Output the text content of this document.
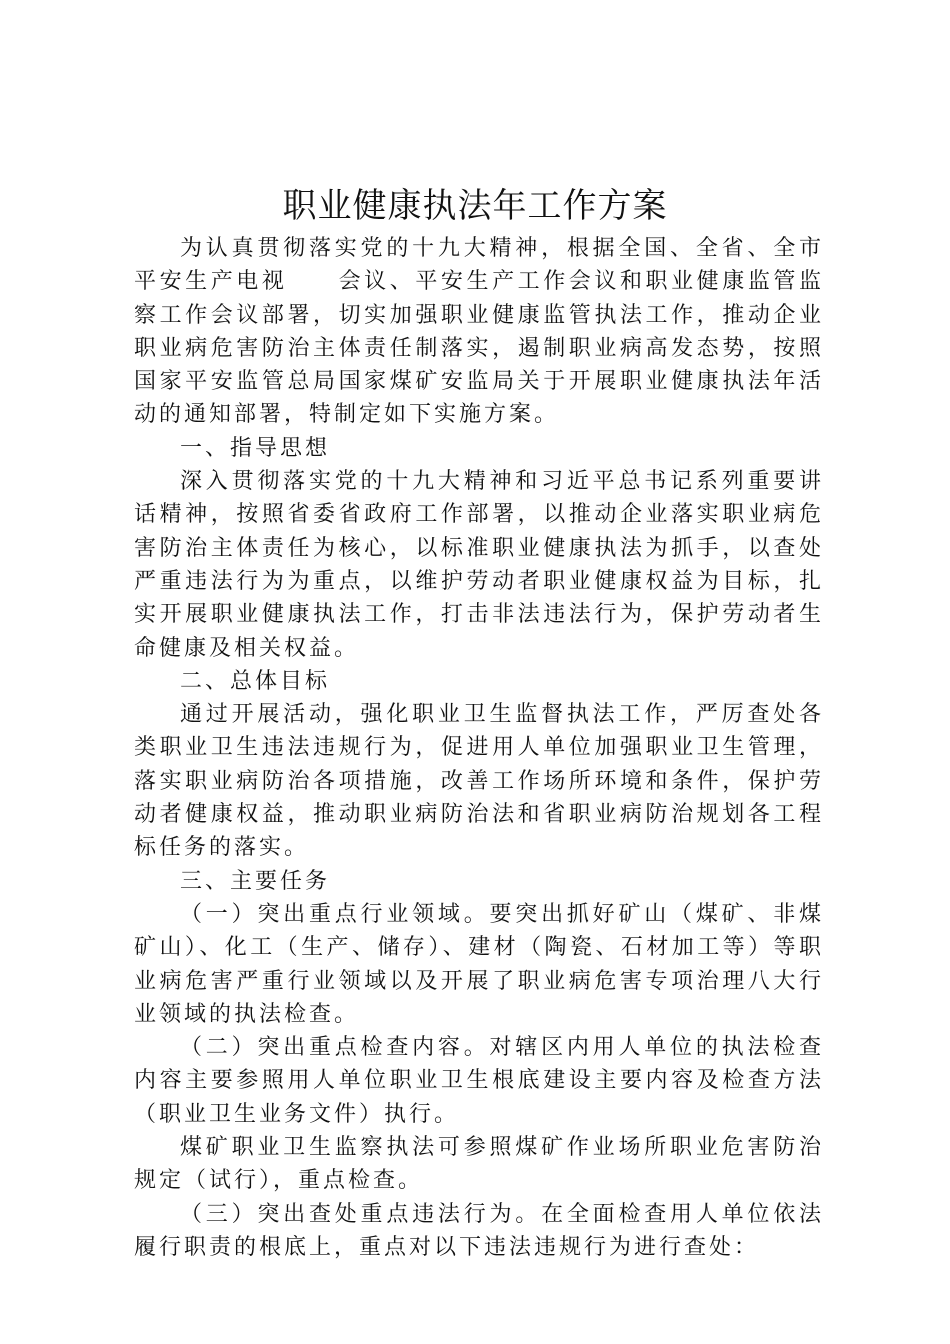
职业健康执法年工作方案

为认真贯彻落实党的十九大精神，根据全国、全省、全市平安生产电视　　会议、平安生产工作会议和职业健康监管监察工作会议部署，切实加强职业健康监管执法工作，推动企业职业病危害防治主体责任制落实，遏制职业病高发态势，按照国家平安监管总局国家煤矿安监局关于开展职业健康执法年活动的通知部署，特制定如下实施方案。

一、指导思想

深入贯彻落实党的十九大精神和习近平总书记系列重要讲话精神，按照省委省政府工作部署，以推动企业落实职业病危害防治主体责任为核心，以标准职业健康执法为抓手，以查处严重违法行为为重点，以维护劳动者职业健康权益为目标，扎实开展职业健康执法工作，打击非法违法行为，保护劳动者生命健康及相关权益。

二、总体目标

通过开展活动，强化职业卫生监督执法工作，严厉查处各类职业卫生违法违规行为，促进用人单位加强职业卫生管理，落实职业病防治各项措施，改善工作场所环境和条件，保护劳动者健康权益，推动职业病防治法和省职业病防治规划各工程标任务的落实。

三、主要任务

（一）突出重点行业领域。要突出抓好矿山（煤矿、非煤矿山）、化工（生产、储存）、建材（陶瓷、石材加工等）等职业病危害严重行业领域以及开展了职业病危害专项治理八大行业领域的执法检查。

（二）突出重点检查内容。对辖区内用人单位的执法检查内容主要参照用人单位职业卫生根底建设主要内容及检查方法（职业卫生业务文件）执行。

煤矿职业卫生监察执法可参照煤矿作业场所职业危害防治规定（试行），重点检查。

（三）突出查处重点违法行为。在全面检查用人单位依法履行职责的根底上，重点对以下违法违规行为进行查处：
